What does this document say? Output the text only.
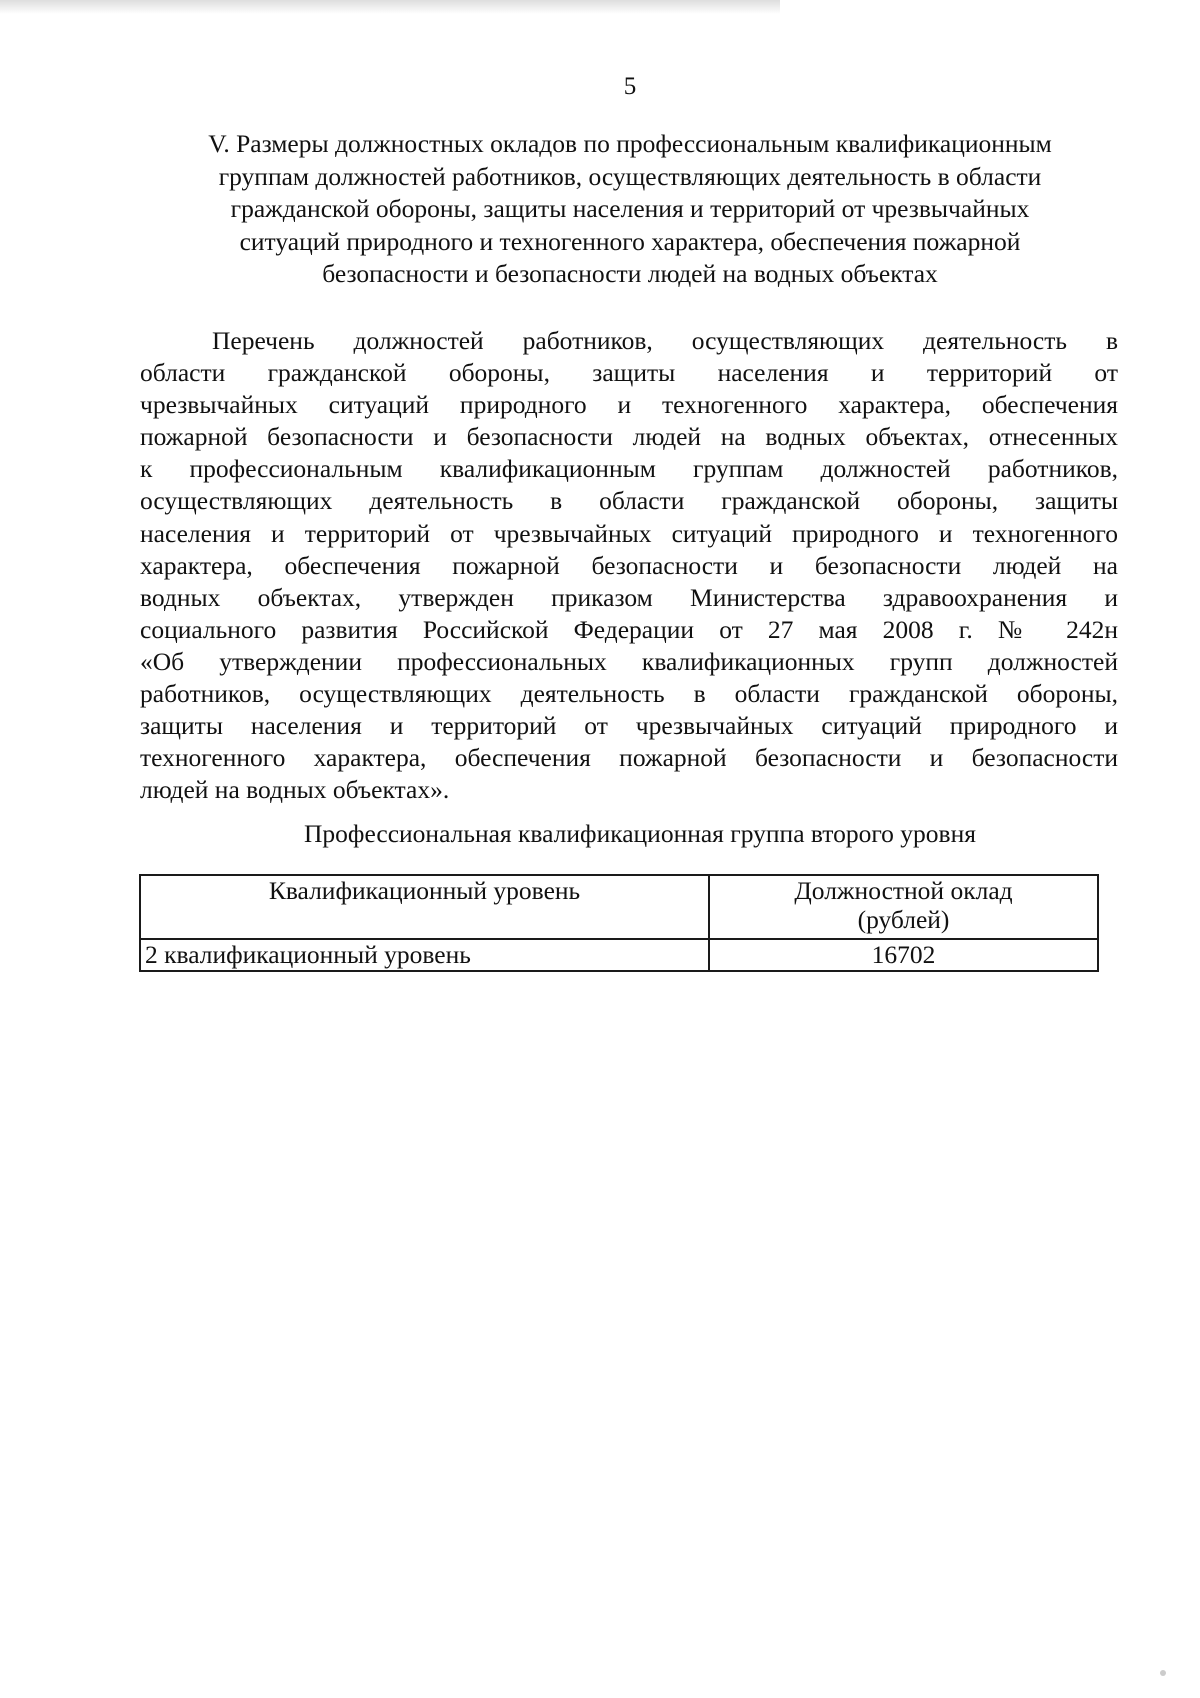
5
V. Размеры должностных окладов по профессиональным квалификационным
группам должностей работников, осуществляющих деятельность в области
гражданской обороны, защиты населения и территорий от чрезвычайных
ситуаций природного и техногенного характера, обеспечения пожарной
безопасности и безопасности людей на водных объектах
Перечень должностей работников, осуществляющих деятельность в
области гражданской обороны, защиты населения и территорий от
чрезвычайных ситуаций природного и техногенного характера, обеспечения
пожарной безопасности и безопасности людей на водных объектах, отнесенных
к профессиональным квалификационным группам должностей работников,
осуществляющих деятельность в области гражданской обороны, защиты
населения и территорий от чрезвычайных ситуаций природного и техногенного
характера, обеспечения пожарной безопасности и безопасности людей на
водных объектах, утвержден приказом Министерства здравоохранения и
социального развития Российской Федерации от 27 мая 2008 г. № 242н
«Об утверждении профессиональных квалификационных групп должностей
работников, осуществляющих деятельность в области гражданской обороны,
защиты населения и территорий от чрезвычайных ситуаций природного и
техногенного характера, обеспечения пожарной безопасности и безопасности
людей на водных объектах».
Профессиональная квалификационная группа второго уровня
Квалификационный уровень	Должностной оклад
(рублей)

2 квалификационный уровень	16702
